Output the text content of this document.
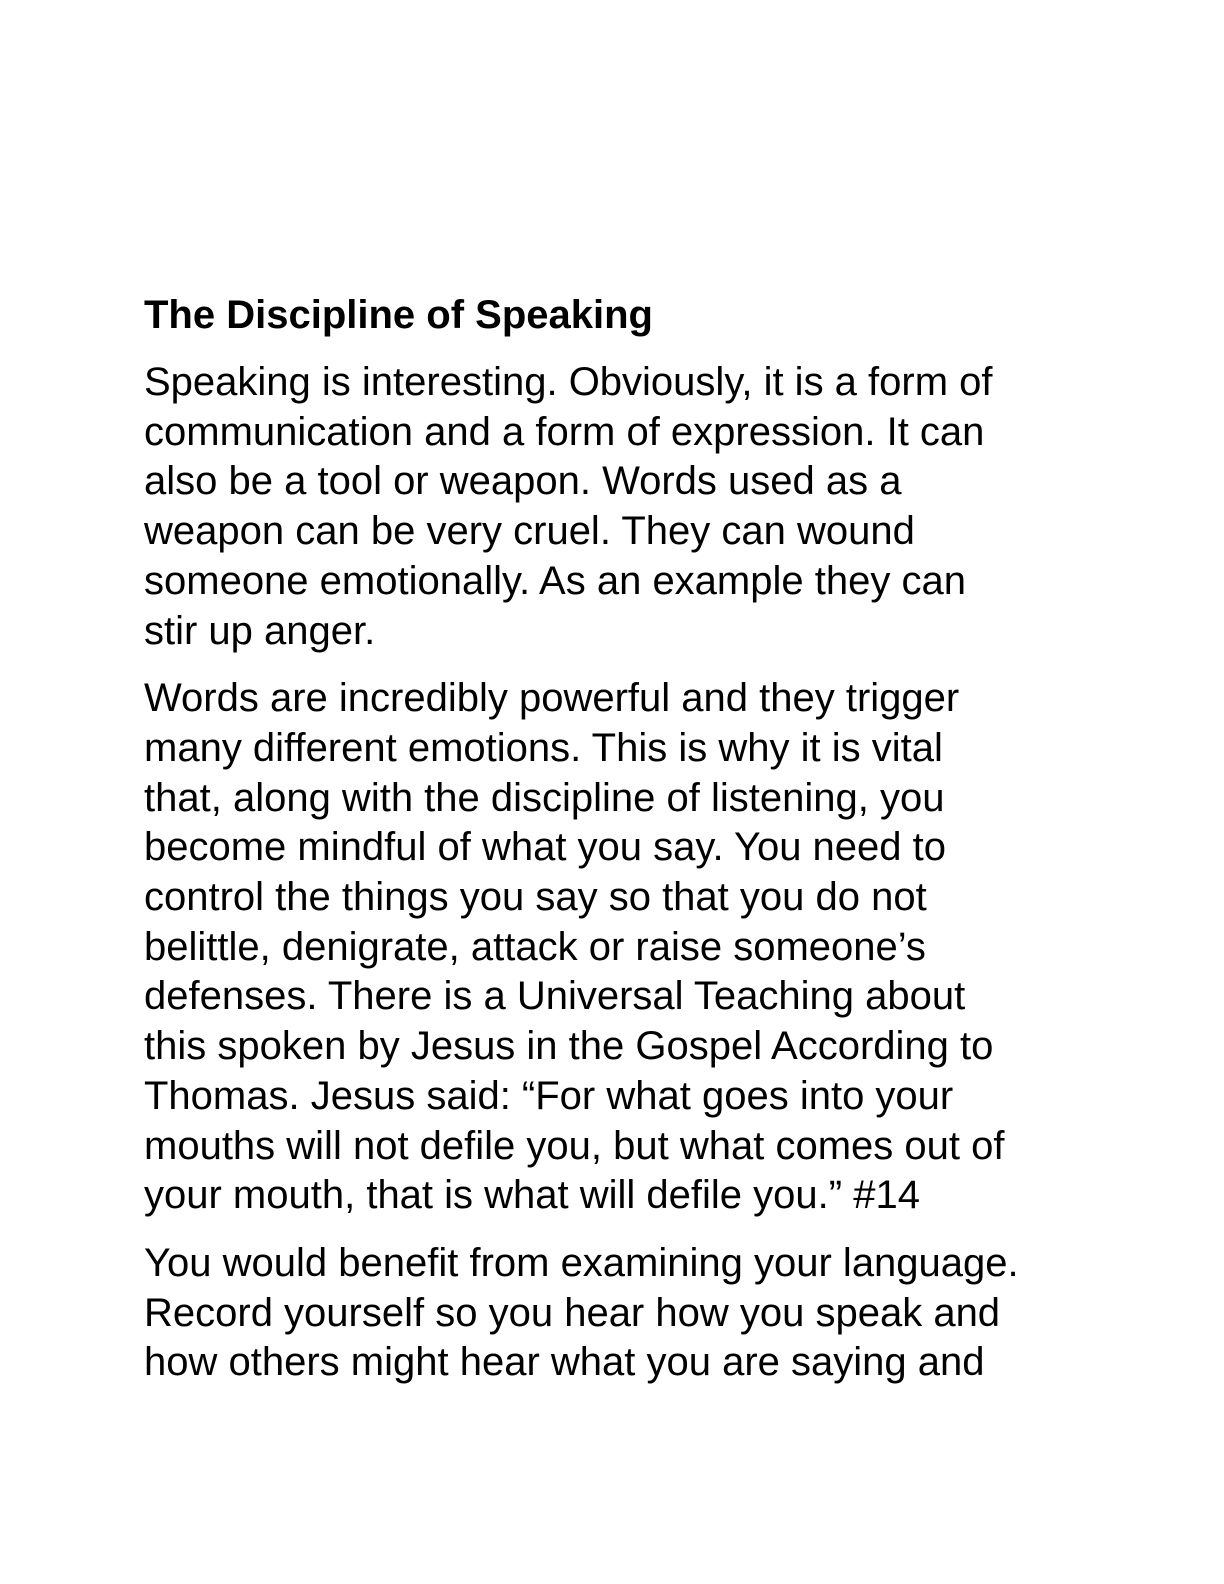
The Discipline of Speaking
Speaking is interesting. Obviously, it is a form of
communication and a form of expression. It can
also be a tool or weapon. Words used as a
weapon can be very cruel. They can wound
someone emotionally. As an example they can
stir up anger.
Words are incredibly powerful and they trigger
many different emotions. This is why it is vital
that, along with the discipline of listening, you
become mindful of what you say. You need to
control the things you say so that you do not
belittle, denigrate, attack or raise someone’s
defenses. There is a Universal Teaching about
this spoken by Jesus in the Gospel According to
Thomas. Jesus said: “For what goes into your
mouths will not defile you, but what comes out of
your mouth, that is what will defile you.” #14
You would benefit from examining your language.
Record yourself so you hear how you speak and
how others might hear what you are saying and
